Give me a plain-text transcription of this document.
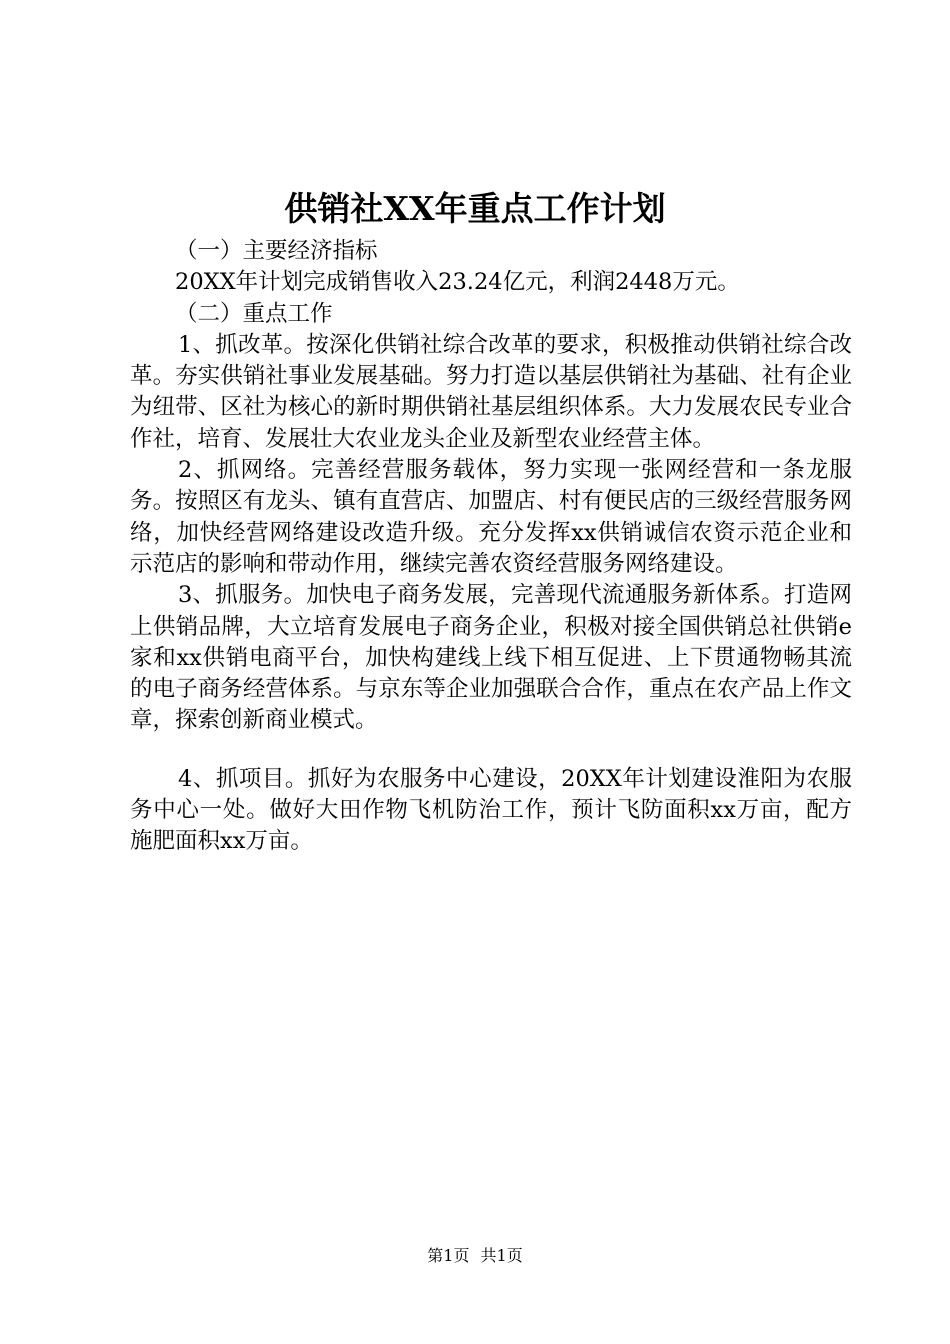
供销社XX年重点工作计划

（一）主要经济指标

20XX年计划完成销售收入23.24亿元，利润2448万元。

（二）重点工作

1、抓改革。按深化供销社综合改革的要求，积极推动供销社综合改革。夯实供销社事业发展基础。努力打造以基层供销社为基础、社有企业为纽带、区社为核心的新时期供销社基层组织体系。大力发展农民专业合作社，培育、发展壮大农业龙头企业及新型农业经营主体。

2、抓网络。完善经营服务载体，努力实现一张网经营和一条龙服务。按照区有龙头、镇有直营店、加盟店、村有便民店的三级经营服务网络，加快经营网络建设改造升级。充分发挥xx供销诚信农资示范企业和示范店的影响和带动作用，继续完善农资经营服务网络建设。

3、抓服务。加快电子商务发展，完善现代流通服务新体系。打造网上供销品牌，大立培育发展电子商务企业，积极对接全国供销总社供销e家和xx供销电商平台，加快构建线上线下相互促进、上下贯通物畅其流的电子商务经营体系。与京东等企业加强联合合作，重点在农产品上作文章，探索创新商业模式。

4、抓项目。抓好为农服务中心建设，20XX年计划建设淮阳为农服务中心一处。做好大田作物飞机防治工作，预计飞防面积xx万亩，配方施肥面积xx万亩。

第1页 共1页
